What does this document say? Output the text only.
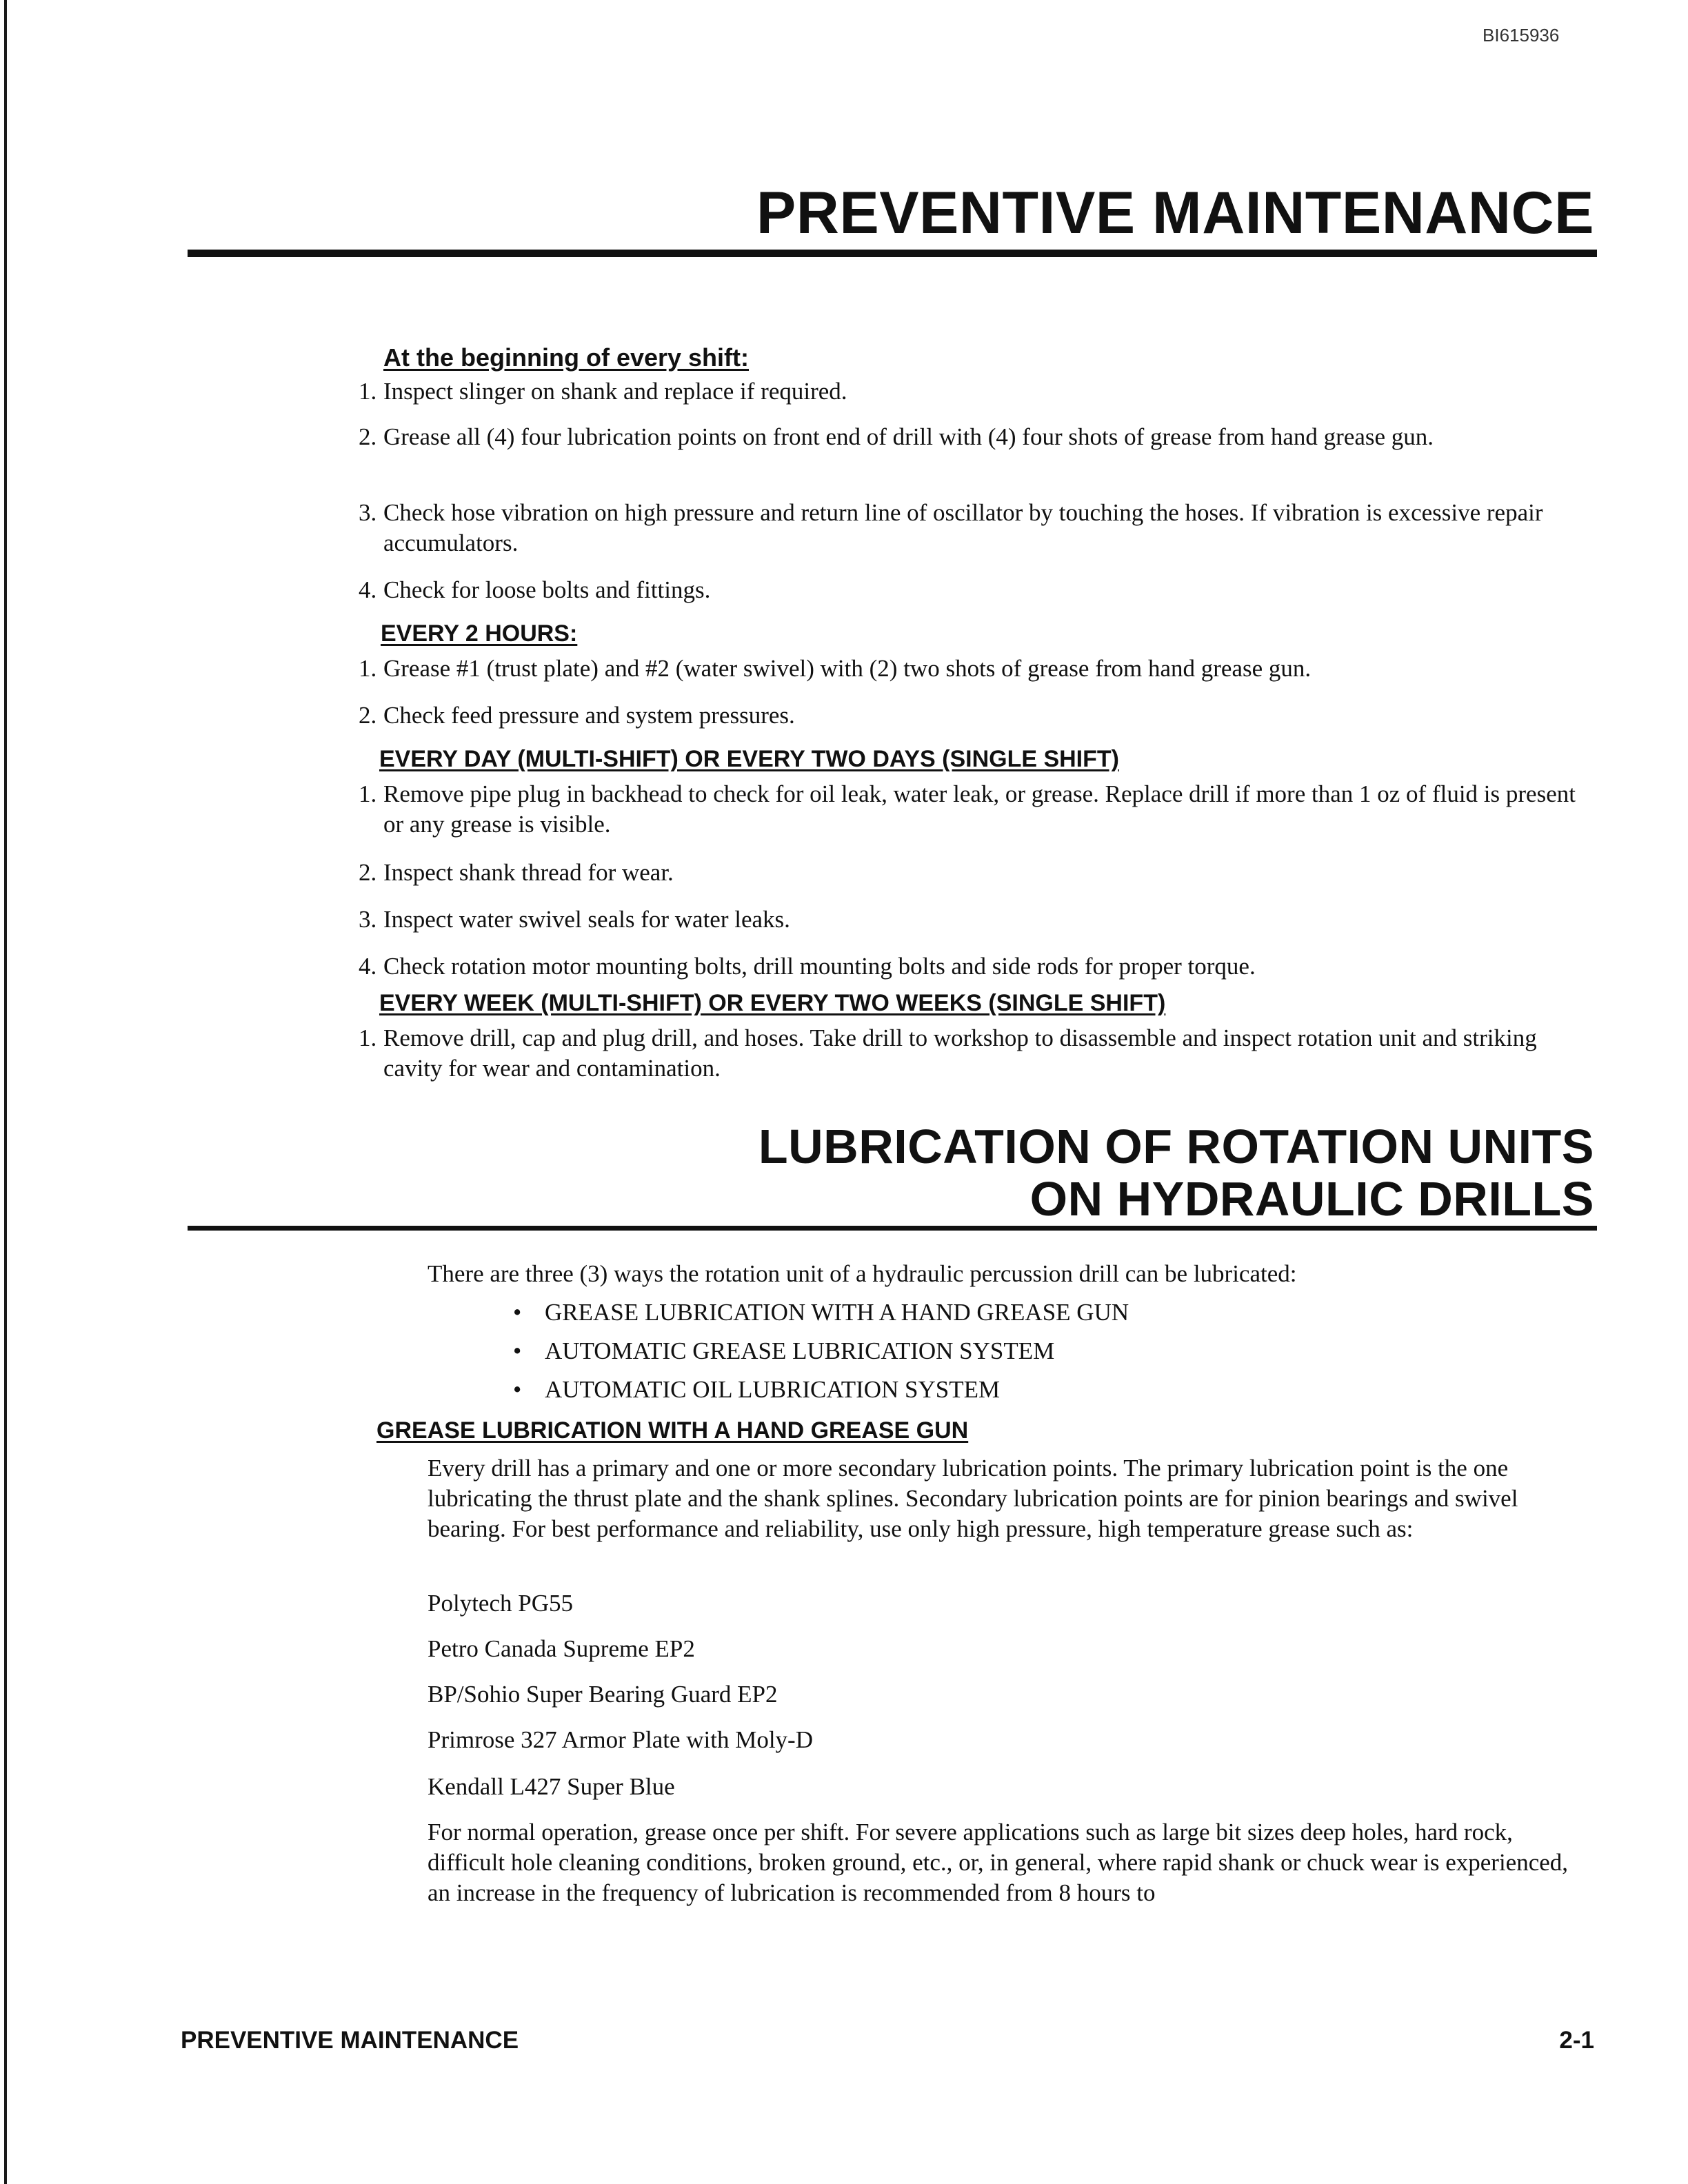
BI615936
PREVENTIVE MAINTENANCE
At the beginning of every shift:
1. Inspect slinger on shank and replace if required.
2. Grease all (4) four lubrication points on front end of drill with (4) four shots of grease from hand grease gun.
3. Check hose vibration on high pressure and return line of oscillator by touching the hoses. If vibration is excessive repair accumulators.
4. Check for loose bolts and fittings.
EVERY 2 HOURS:
1. Grease #1 (trust plate) and #2 (water swivel) with (2) two shots of grease from hand grease gun.
2. Check feed pressure and system pressures.
EVERY DAY (MULTI-SHIFT) OR EVERY TWO DAYS (SINGLE SHIFT)
1. Remove pipe plug in backhead to check for oil leak, water leak, or grease. Replace drill if more than 1 oz of fluid is present or any grease is visible.
2. Inspect shank thread for wear.
3. Inspect water swivel seals for water leaks.
4. Check rotation motor mounting bolts, drill mounting bolts and side rods for proper torque.
EVERY WEEK (MULTI-SHIFT) OR EVERY TWO WEEKS (SINGLE SHIFT)
1. Remove drill, cap and plug drill, and hoses. Take drill to workshop to disassemble and inspect rotation unit and striking cavity for wear and contamination.
LUBRICATION OF ROTATION UNITS
ON HYDRAULIC DRILLS
There are three (3) ways the rotation unit of a hydraulic percussion drill can be lubricated:
• GREASE LUBRICATION WITH A HAND GREASE GUN
• AUTOMATIC GREASE LUBRICATION SYSTEM
• AUTOMATIC OIL LUBRICATION SYSTEM
GREASE LUBRICATION WITH A HAND GREASE GUN
Every drill has a primary and one or more secondary lubrication points. The primary lubrication point is the one lubricating the thrust plate and the shank splines. Secondary lubrication points are for pinion bearings and swivel bearing. For best performance and reliability, use only high pressure, high temperature grease such as:
Polytech PG55
Petro Canada Supreme EP2
BP/Sohio Super Bearing Guard EP2
Primrose 327 Armor Plate with Moly-D
Kendall L427 Super Blue
For normal operation, grease once per shift. For severe applications such as large bit sizes deep holes, hard rock, difficult hole cleaning conditions, broken ground, etc., or, in general, where rapid shank or chuck wear is experienced, an increase in the frequency of lubrication is recommended from 8 hours to
PREVENTIVE MAINTENANCE	2-1
